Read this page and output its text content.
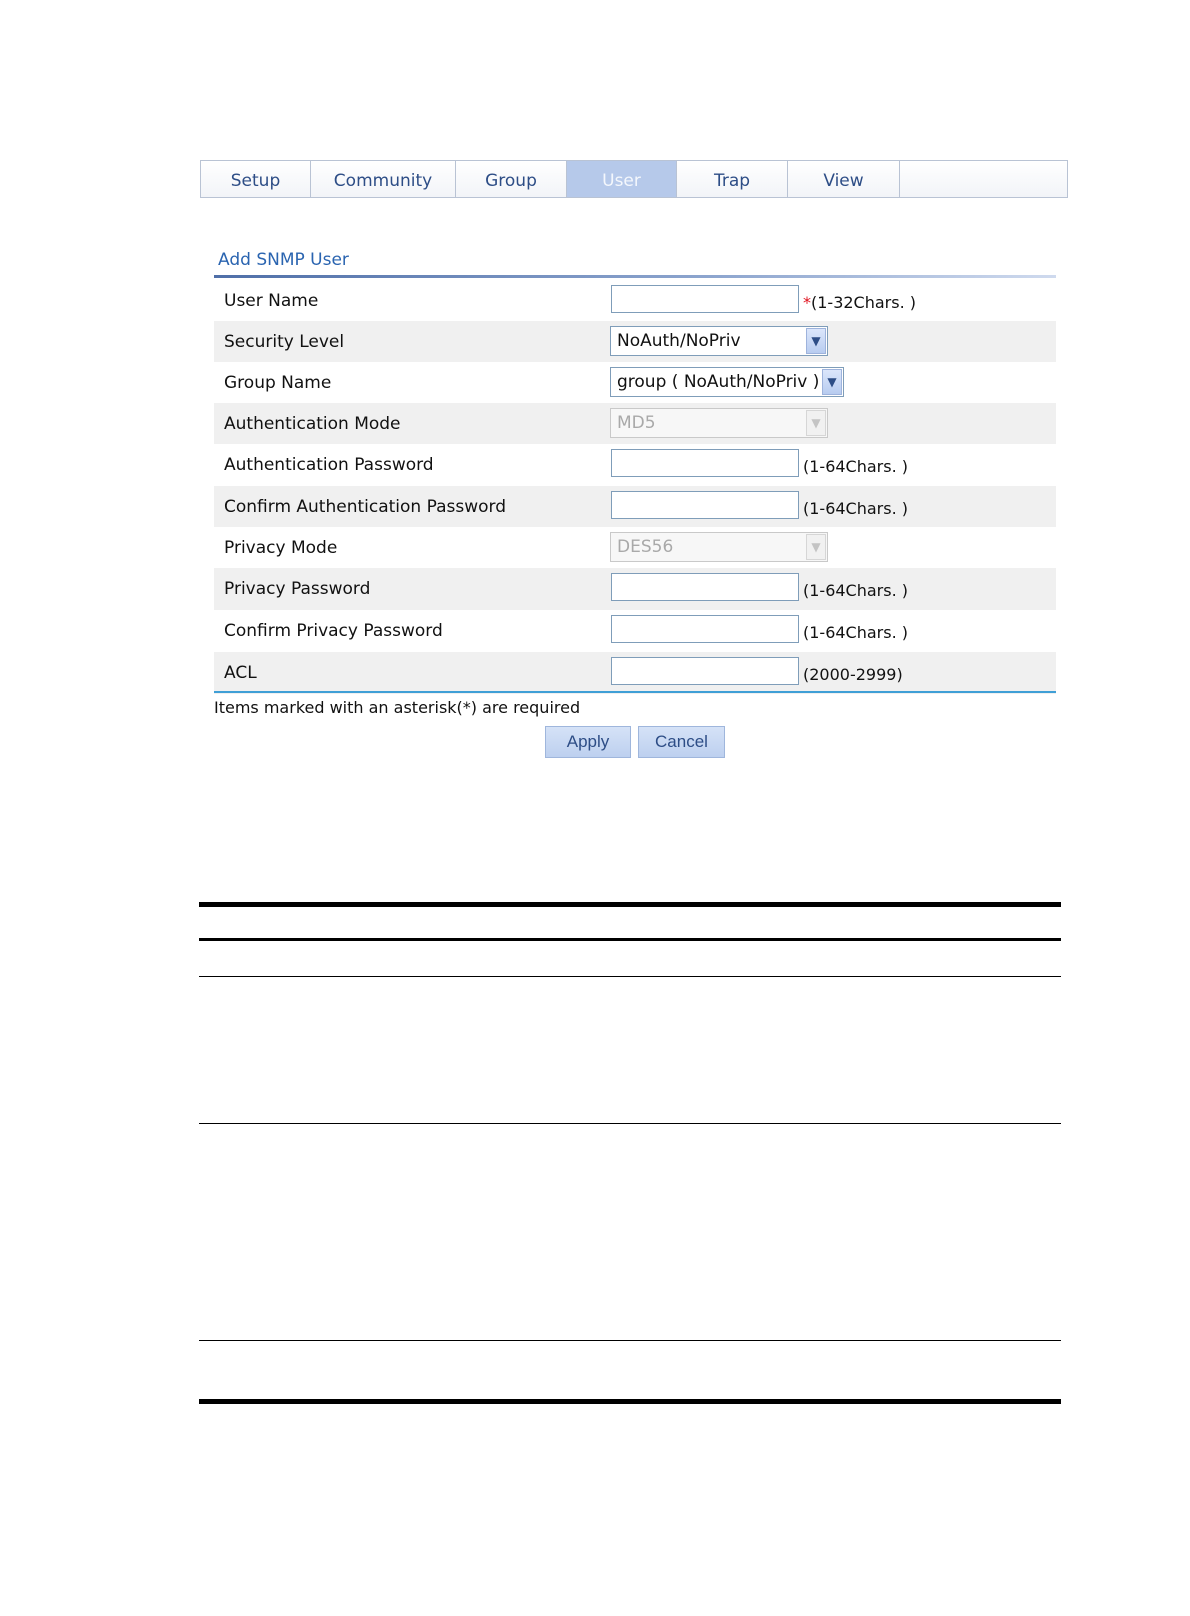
Setup	Community	Group	User	Trap	View
Add SNMP User
User Name	*(1-32Chars. )
Security Level	NoAuth/NoPriv	▼
Group Name	group ( NoAuth/NoPriv ) ▼
Authentication Mode	MD5	▼
Authentication Password	(1-64Chars. )
Confirm Authentication Password	(1-64Chars. )
Privacy Mode	DES56	▼
Privacy Password	(1-64Chars. )
Confirm Privacy Password	(1-64Chars. )
ACL	(2000-2999)
Items marked with an asterisk(*) are required
Apply	Cancel
